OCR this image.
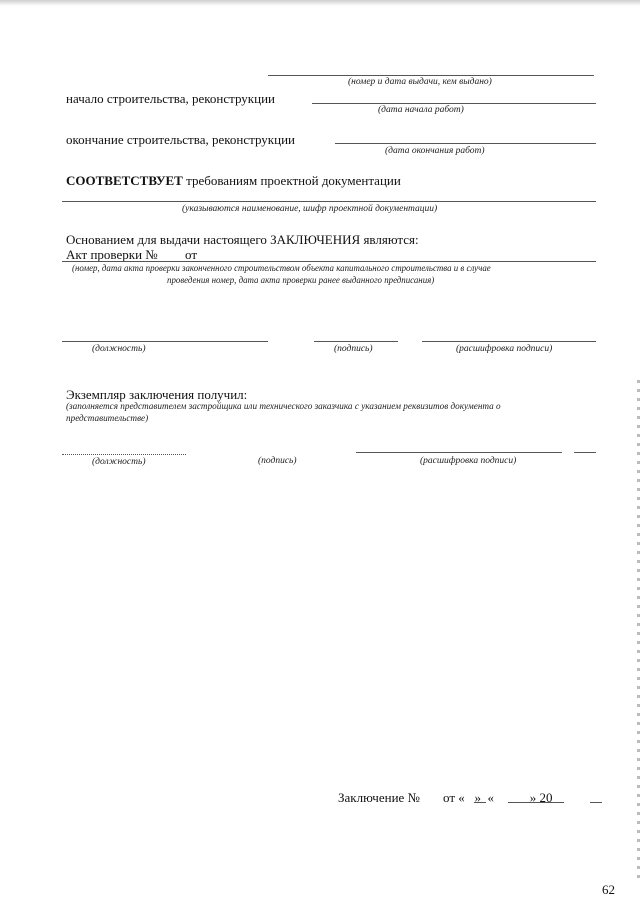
(номер и дата выдачи, кем выдано)
начало строительства, реконструкции
(дата начала работ)
окончание строительства, реконструкции
(дата окончания работ)
СООТВЕТСТВУЕТ требованиям проектной документации
(указываются наименование, шифр проектной документации)
Основанием для выдачи настоящего ЗАКЛЮЧЕНИЯ являются:
Акт проверки № от
(номер, дата акта проверки законченного строительством объекта капитального строительства и в случае
проведения номер, дата акта проверки ранее выданного предписания)
(должность)	(подпись)	(расшифровка подписи)
Экземпляр заключения получил:
(заполняется представителем застройщика или технического заказчика с указанием реквизитов документа о
представительстве)
(должность)	(подпись)	(расшифровка подписи)
Заключение № от «   »  «           » 20
62
